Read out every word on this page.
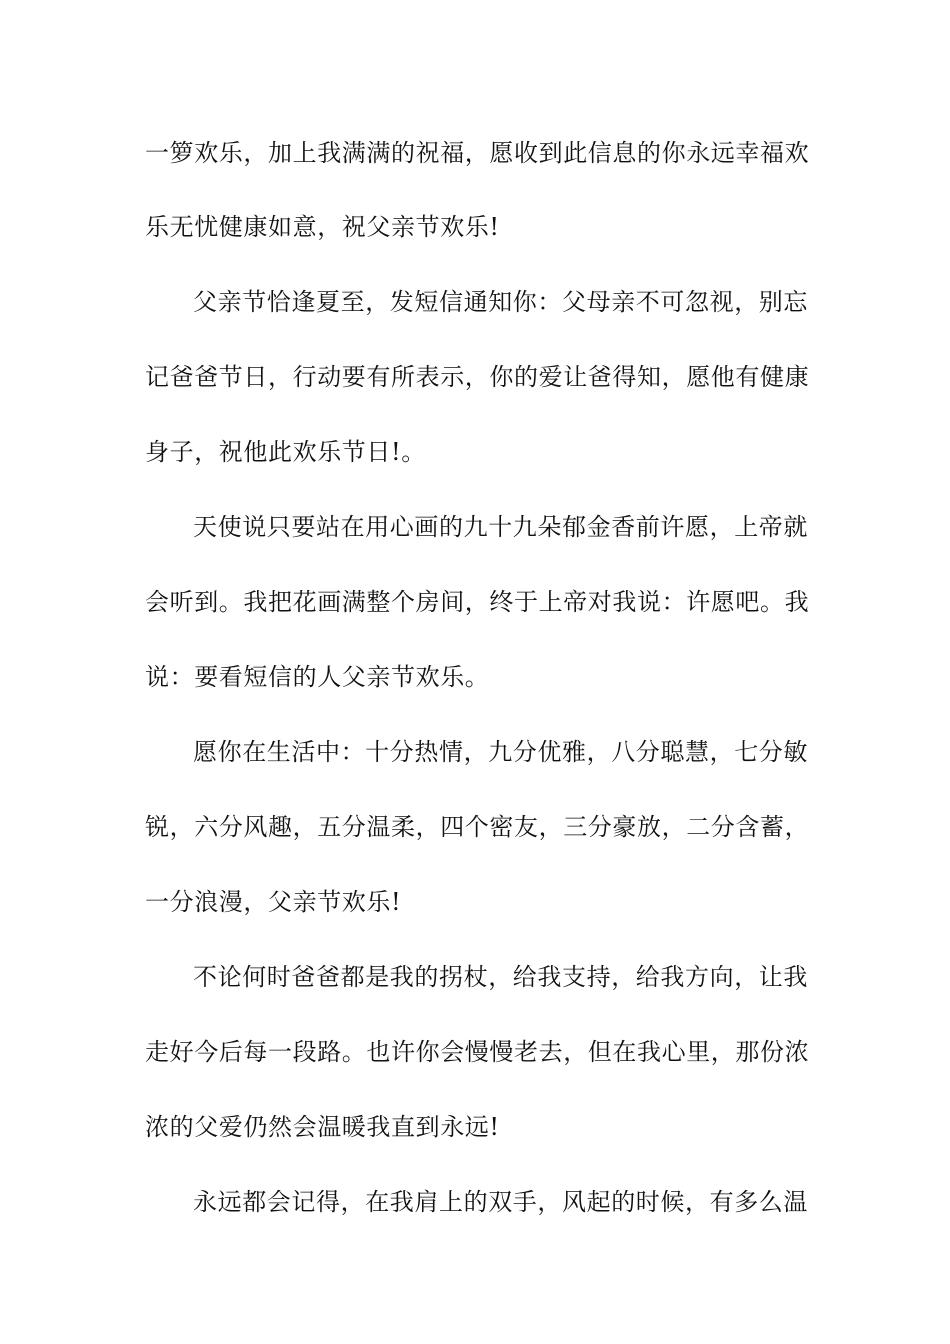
一箩欢乐，加上我满满的祝福，愿收到此信息的你永远幸福欢

乐无忧健康如意，祝父亲节欢乐!

父亲节恰逢夏至，发短信通知你：父母亲不可忽视，别忘

记爸爸节日，行动要有所表示，你的爱让爸得知，愿他有健康

身子，祝他此欢乐节日!。

天使说只要站在用心画的九十九朵郁金香前许愿，上帝就

会听到。我把花画满整个房间，终于上帝对我说：许愿吧。我

说：要看短信的人父亲节欢乐。

愿你在生活中：十分热情，九分优雅，八分聪慧，七分敏

锐，六分风趣，五分温柔，四个密友，三分豪放，二分含蓄，

一分浪漫，父亲节欢乐!

不论何时爸爸都是我的拐杖，给我支持，给我方向，让我

走好今后每一段路。也许你会慢慢老去，但在我心里，那份浓

浓的父爱仍然会温暖我直到永远!

永远都会记得，在我肩上的双手，风起的时候，有多么温
